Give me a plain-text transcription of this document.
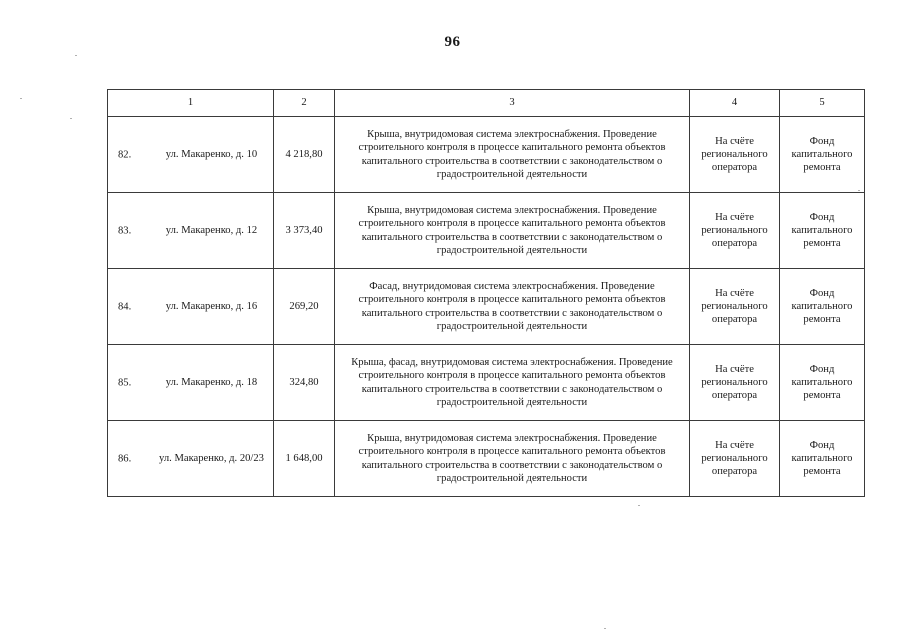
96
1	2	3	4	5

82. ул. Макаренко, д. 10	4 218,80	Крыша, внутридомовая система электроснабжения. Проведение строительного контроля в процессе капитального ремонта объектов капитального строительства в соответствии с законодательством о градостроительной деятельности	На счёте регионального оператора	Фонд капитального ремонта

83. ул. Макаренко, д. 12	3 373,40	Крыша, внутридомовая система электроснабжения. Проведение строительного контроля в процессе капитального ремонта объектов капитального строительства в соответствии с законодательством о градостроительной деятельности	На счёте регионального оператора	Фонд капитального ремонта

84. ул. Макаренко, д. 16	269,20	Фасад, внутридомовая система электроснабжения. Проведение строительного контроля в процессе капитального ремонта объектов капитального строительства в соответствии с законодательством о градостроительной деятельности	На счёте регионального оператора	Фонд капитального ремонта

85. ул. Макаренко, д. 18	324,80	Крыша, фасад, внутридомовая система электроснабжения. Проведение строительного контроля в процессе капитального ремонта объектов капитального строительства в соответствии с законодательством о градостроительной деятельности	На счёте регионального оператора	Фонд капитального ремонта

86. ул. Макаренко, д. 20/23	1 648,00	Крыша, внутридомовая система электроснабжения. Проведение строительного контроля в процессе капитального ремонта объектов капитального строительства в соответствии с законодательством о градостроительной деятельности	На счёте регионального оператора	Фонд капитального ремонта
